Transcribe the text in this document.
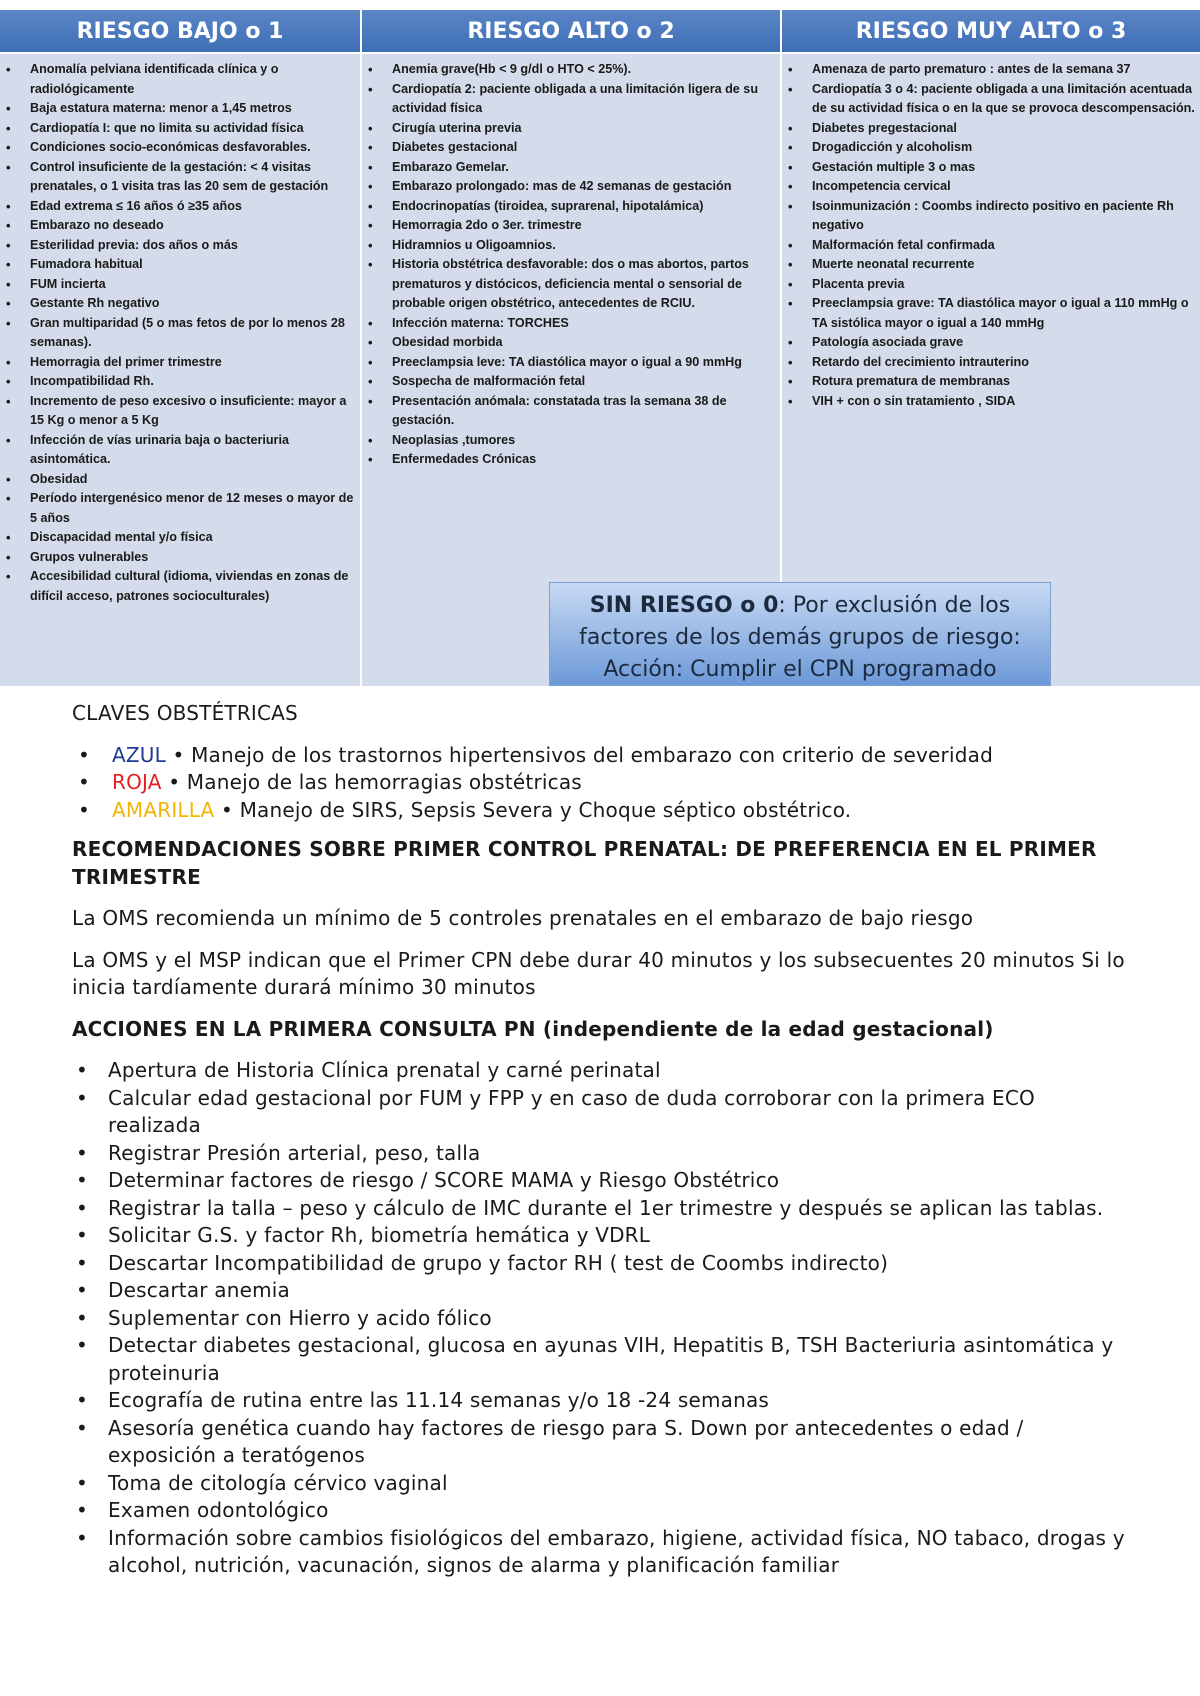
RIESGO BAJO o 1	RIESGO ALTO o 2	RIESGO MUY ALTO o 3
• Anomalía pelviana identificada clínica y o radiológicamente
• Baja estatura materna: menor a 1,45 metros
• Cardiopatía I: que no limita su actividad física
• Condiciones socio-económicas desfavorables.
• Control insuficiente de la gestación: < 4 visitas prenatales, o 1 visita tras las 20 sem de gestación
• Edad extrema ≤ 16 años ó ≥35 años
• Embarazo no deseado
• Esterilidad previa: dos años o más
• Fumadora habitual
• FUM incierta
• Gestante Rh negativo
• Gran multiparidad (5 o mas fetos de por lo menos 28 semanas).
• Hemorragia del primer trimestre
• Incompatibilidad Rh.
• Incremento de peso excesivo o insuficiente: mayor a 15 Kg o menor a 5 Kg
• Infección de vías urinaria baja o bacteriuria asintomática.
• Obesidad
• Período intergenésico menor de 12 meses o mayor de 5 años
• Discapacidad mental y/o física
• Grupos vulnerables
• Accesibilidad cultural (idioma, viviendas en zonas de difícil acceso, patrones socioculturales)
• Anemia grave(Hb < 9 g/dl o HTO < 25%).
• Cardiopatía 2: paciente obligada a una limitación ligera de su actividad física
• Cirugía uterina previa
• Diabetes gestacional
• Embarazo Gemelar.
• Embarazo prolongado: mas de 42 semanas de gestación
• Endocrinopatías (tiroidea, suprarenal, hipotalámica)
• Hemorragia 2do o 3er. trimestre
• Hidramnios u Oligoamnios.
• Historia obstétrica desfavorable: dos o mas abortos, partos prematuros y distócicos, deficiencia mental o sensorial de probable origen obstétrico, antecedentes de RCIU.
• Infección materna: TORCHES
• Obesidad morbida
• Preeclampsia leve: TA diastólica mayor o igual a 90 mmHg
• Sospecha de malformación fetal
• Presentación anómala: constatada tras la semana 38 de gestación.
• Neoplasias ,tumores
• Enfermedades Crónicas
• Amenaza de parto prematuro : antes de la semana 37
• Cardiopatía 3 o 4: paciente obligada a una limitación acentuada de su actividad física o en la que se provoca descompensación.
• Diabetes pregestacional
• Drogadicción y alcoholism
• Gestación multiple 3 o mas
• Incompetencia cervical
• Isoinmunización : Coombs indirecto positivo en paciente Rh negativo
• Malformación fetal confirmada
• Muerte neonatal recurrente
• Placenta previa
• Preeclampsia grave: TA diastólica mayor o igual a 110 mmHg o TA sistólica mayor o igual a 140 mmHg
• Patología asociada grave
• Retardo del crecimiento intrauterino
• Rotura prematura de membranas
• VIH + con o sin tratamiento , SIDA
SIN RIESGO o 0: Por exclusión de los
factores de los demás grupos de riesgo:
Acción: Cumplir el CPN programado
CLAVES OBSTÉTRICAS
• AZUL • Manejo de los trastornos hipertensivos del embarazo con criterio de severidad
• ROJA • Manejo de las hemorragias obstétricas
• AMARILLA • Manejo de SIRS, Sepsis Severa y Choque séptico obstétrico.
RECOMENDACIONES SOBRE PRIMER CONTROL PRENATAL: DE PREFERENCIA EN EL PRIMER TRIMESTRE

La OMS recomienda un mínimo de 5 controles prenatales en el embarazo de bajo riesgo

La OMS y el MSP indican que el Primer CPN debe durar 40 minutos y los subsecuentes 20 minutos Si lo inicia tardíamente durará mínimo 30 minutos

ACCIONES EN LA PRIMERA CONSULTA PN (independiente de la edad gestacional)
• Apertura de Historia Clínica prenatal y carné perinatal
• Calcular edad gestacional por FUM y FPP y en caso de duda corroborar con la primera ECO realizada
• Registrar Presión arterial, peso, talla
• Determinar factores de riesgo / SCORE MAMA y Riesgo Obstétrico
• Registrar la talla – peso y cálculo de IMC durante el 1er trimestre y después se aplican las tablas.
• Solicitar G.S. y factor Rh, biometría hemática y VDRL
• Descartar Incompatibilidad de grupo y factor RH ( test de Coombs indirecto)
• Descartar anemia
• Suplementar con Hierro y acido fólico
• Detectar diabetes gestacional, glucosa en ayunas VIH, Hepatitis B, TSH Bacteriuria asintomática y proteinuria
• Ecografía de rutina entre las 11.14 semanas y/o 18 -24 semanas
• Asesoría genética cuando hay factores de riesgo para S. Down por antecedentes o edad / exposición a teratógenos
• Toma de citología cérvico vaginal
• Examen odontológico
• Información sobre cambios fisiológicos del embarazo, higiene, actividad física, NO tabaco, drogas y alcohol, nutrición, vacunación, signos de alarma y planificación familiar
